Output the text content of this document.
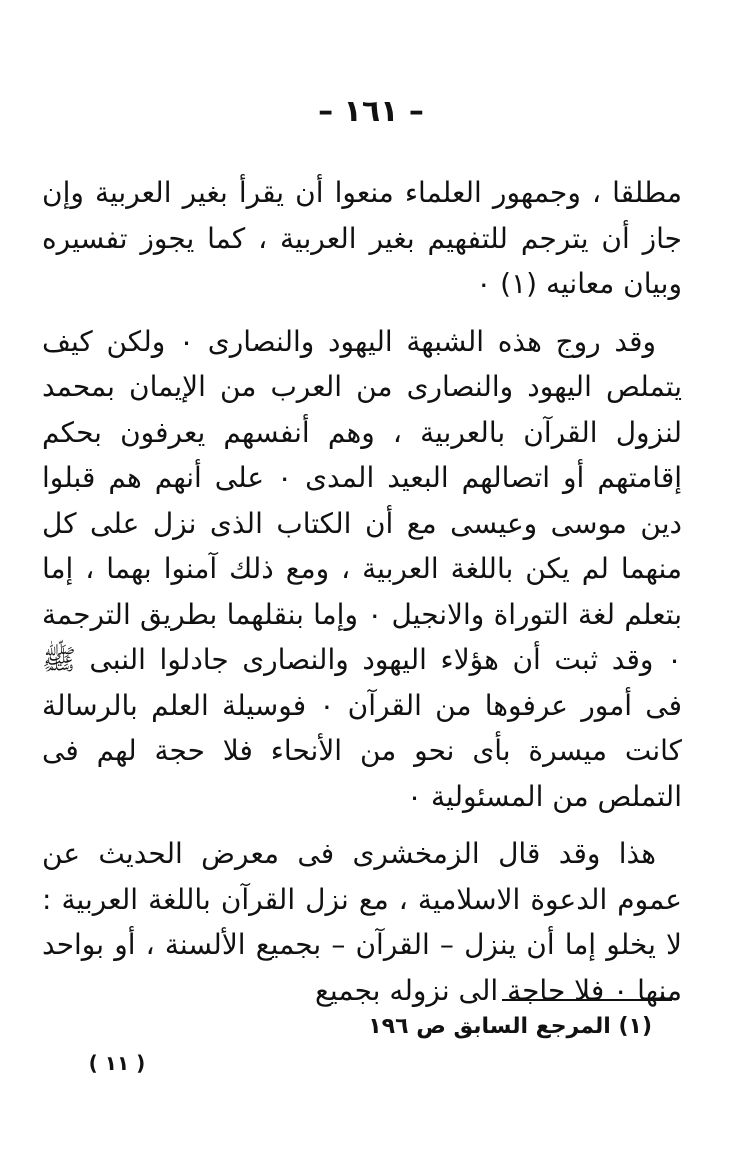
– ١٦١ –

مطلقا ، وجمهور العلماء منعوا أن يقرأ بغير العربية وإن جاز أن يترجم للتفهيم بغير العربية ، كما يجوز تفسيره وبيان معانيه (١) ٠

وقد روج هذه الشبهة اليهود والنصارى ٠ ولكن كيف يتملص اليهود والنصارى من العرب من الإيمان بمحمد لنزول القرآن بالعربية ، وهم أنفسهم يعرفون بحكم إقامتهم أو اتصالهم البعيد المدى ٠ على أنهم هم قبلوا دين موسى وعيسى مع أن الكتاب الذى نزل على كل منهما لم يكن باللغة العربية ، ومع ذلك آمنوا بهما ، إما بتعلم لغة التوراة والانجيل ٠ وإما بنقلهما بطريق الترجمة ٠ وقد ثبت أن هؤلاء اليهود والنصارى جادلوا النبى ﷺ فى أمور عرفوها من القرآن ٠ فوسيلة العلم بالرسالة كانت ميسرة بأى نحو من الأنحاء فلا حجة لهم فى التملص من المسئولية ٠

هذا وقد قال الزمخشرى فى معرض الحديث عن عموم الدعوة الاسلامية ، مع نزل القرآن باللغة العربية : لا يخلو إما أن ينزل – القرآن – بجميع الألسنة ، أو بواحد منها ٠ فلا حاجة الى نزوله بجميع

(١) المرجع السابق ص ١٩٦
( ١١ )
